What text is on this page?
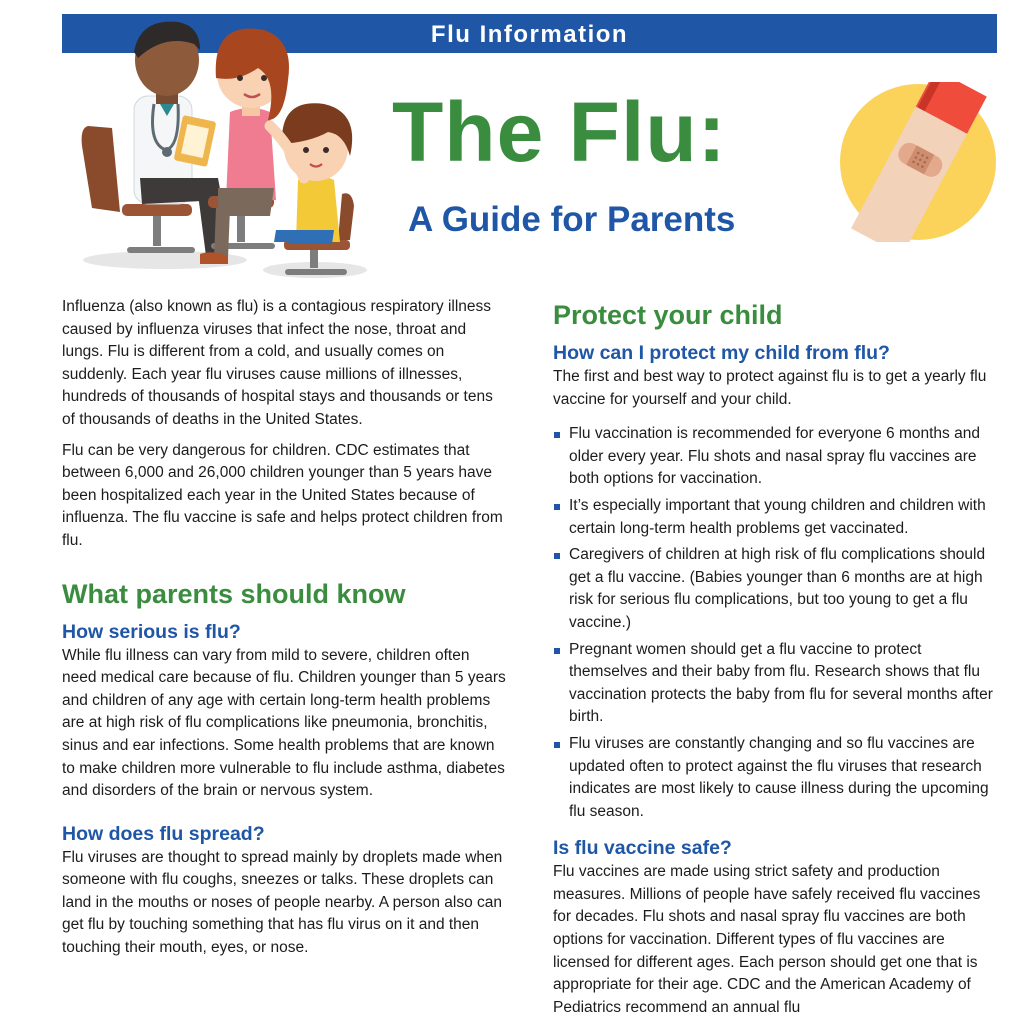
Flu Information
The Flu:
A Guide for Parents

Influenza (also known as flu) is a contagious respiratory illness caused by influenza viruses that infect the nose, throat and lungs. Flu is different from a cold, and usually comes on suddenly. Each year flu viruses cause millions of illnesses, hundreds of thousands of hospital stays and thousands or tens of thousands of deaths in the United States.

Flu can be very dangerous for children. CDC estimates that between 6,000 and 26,000 children younger than 5 years have been hospitalized each year in the United States because of influenza. The flu vaccine is safe and helps protect children from flu.

What parents should know
How serious is flu?

While flu illness can vary from mild to severe, children often need medical care because of flu. Children younger than 5 years and children of any age with certain long-term health problems are at high risk of flu complications like pneumonia, bronchitis, sinus and ear infections. Some health problems that are known to make children more vulnerable to flu include asthma, diabetes and disorders of the brain or nervous system.

How does flu spread?

Flu viruses are thought to spread mainly by droplets made when someone with flu coughs, sneezes or talks. These droplets can land in the mouths or noses of people nearby. A person also can get flu by touching something that has flu virus on it and then touching their mouth, eyes, or nose.

Protect your child
How can I protect my child from flu?

The first and best way to protect against flu is to get a yearly flu vaccine for yourself and your child.

Flu vaccination is recommended for everyone 6 months and older every year. Flu shots and nasal spray flu vaccines are both options for vaccination.
It’s especially important that young children and children with certain long-term health problems get vaccinated.
Caregivers of children at high risk of flu complications should get a flu vaccine. (Babies younger than 6 months are at high risk for serious flu complications, but too young to get a flu vaccine.)
Pregnant women should get a flu vaccine to protect themselves and their baby from flu. Research shows that flu vaccination protects the baby from flu for several months after birth.
Flu viruses are constantly changing and so flu vaccines are updated often to protect against the flu viruses that research indicates are most likely to cause illness during the upcoming flu season.
Is flu vaccine safe?

Flu vaccines are made using strict safety and production measures. Millions of people have safely received flu vaccines for decades. Flu shots and nasal spray flu vaccines are both options for vaccination. Different types of flu vaccines are licensed for different ages. Each person should get one that is appropriate for their age. CDC and the American Academy of Pediatrics recommend an annual flu
